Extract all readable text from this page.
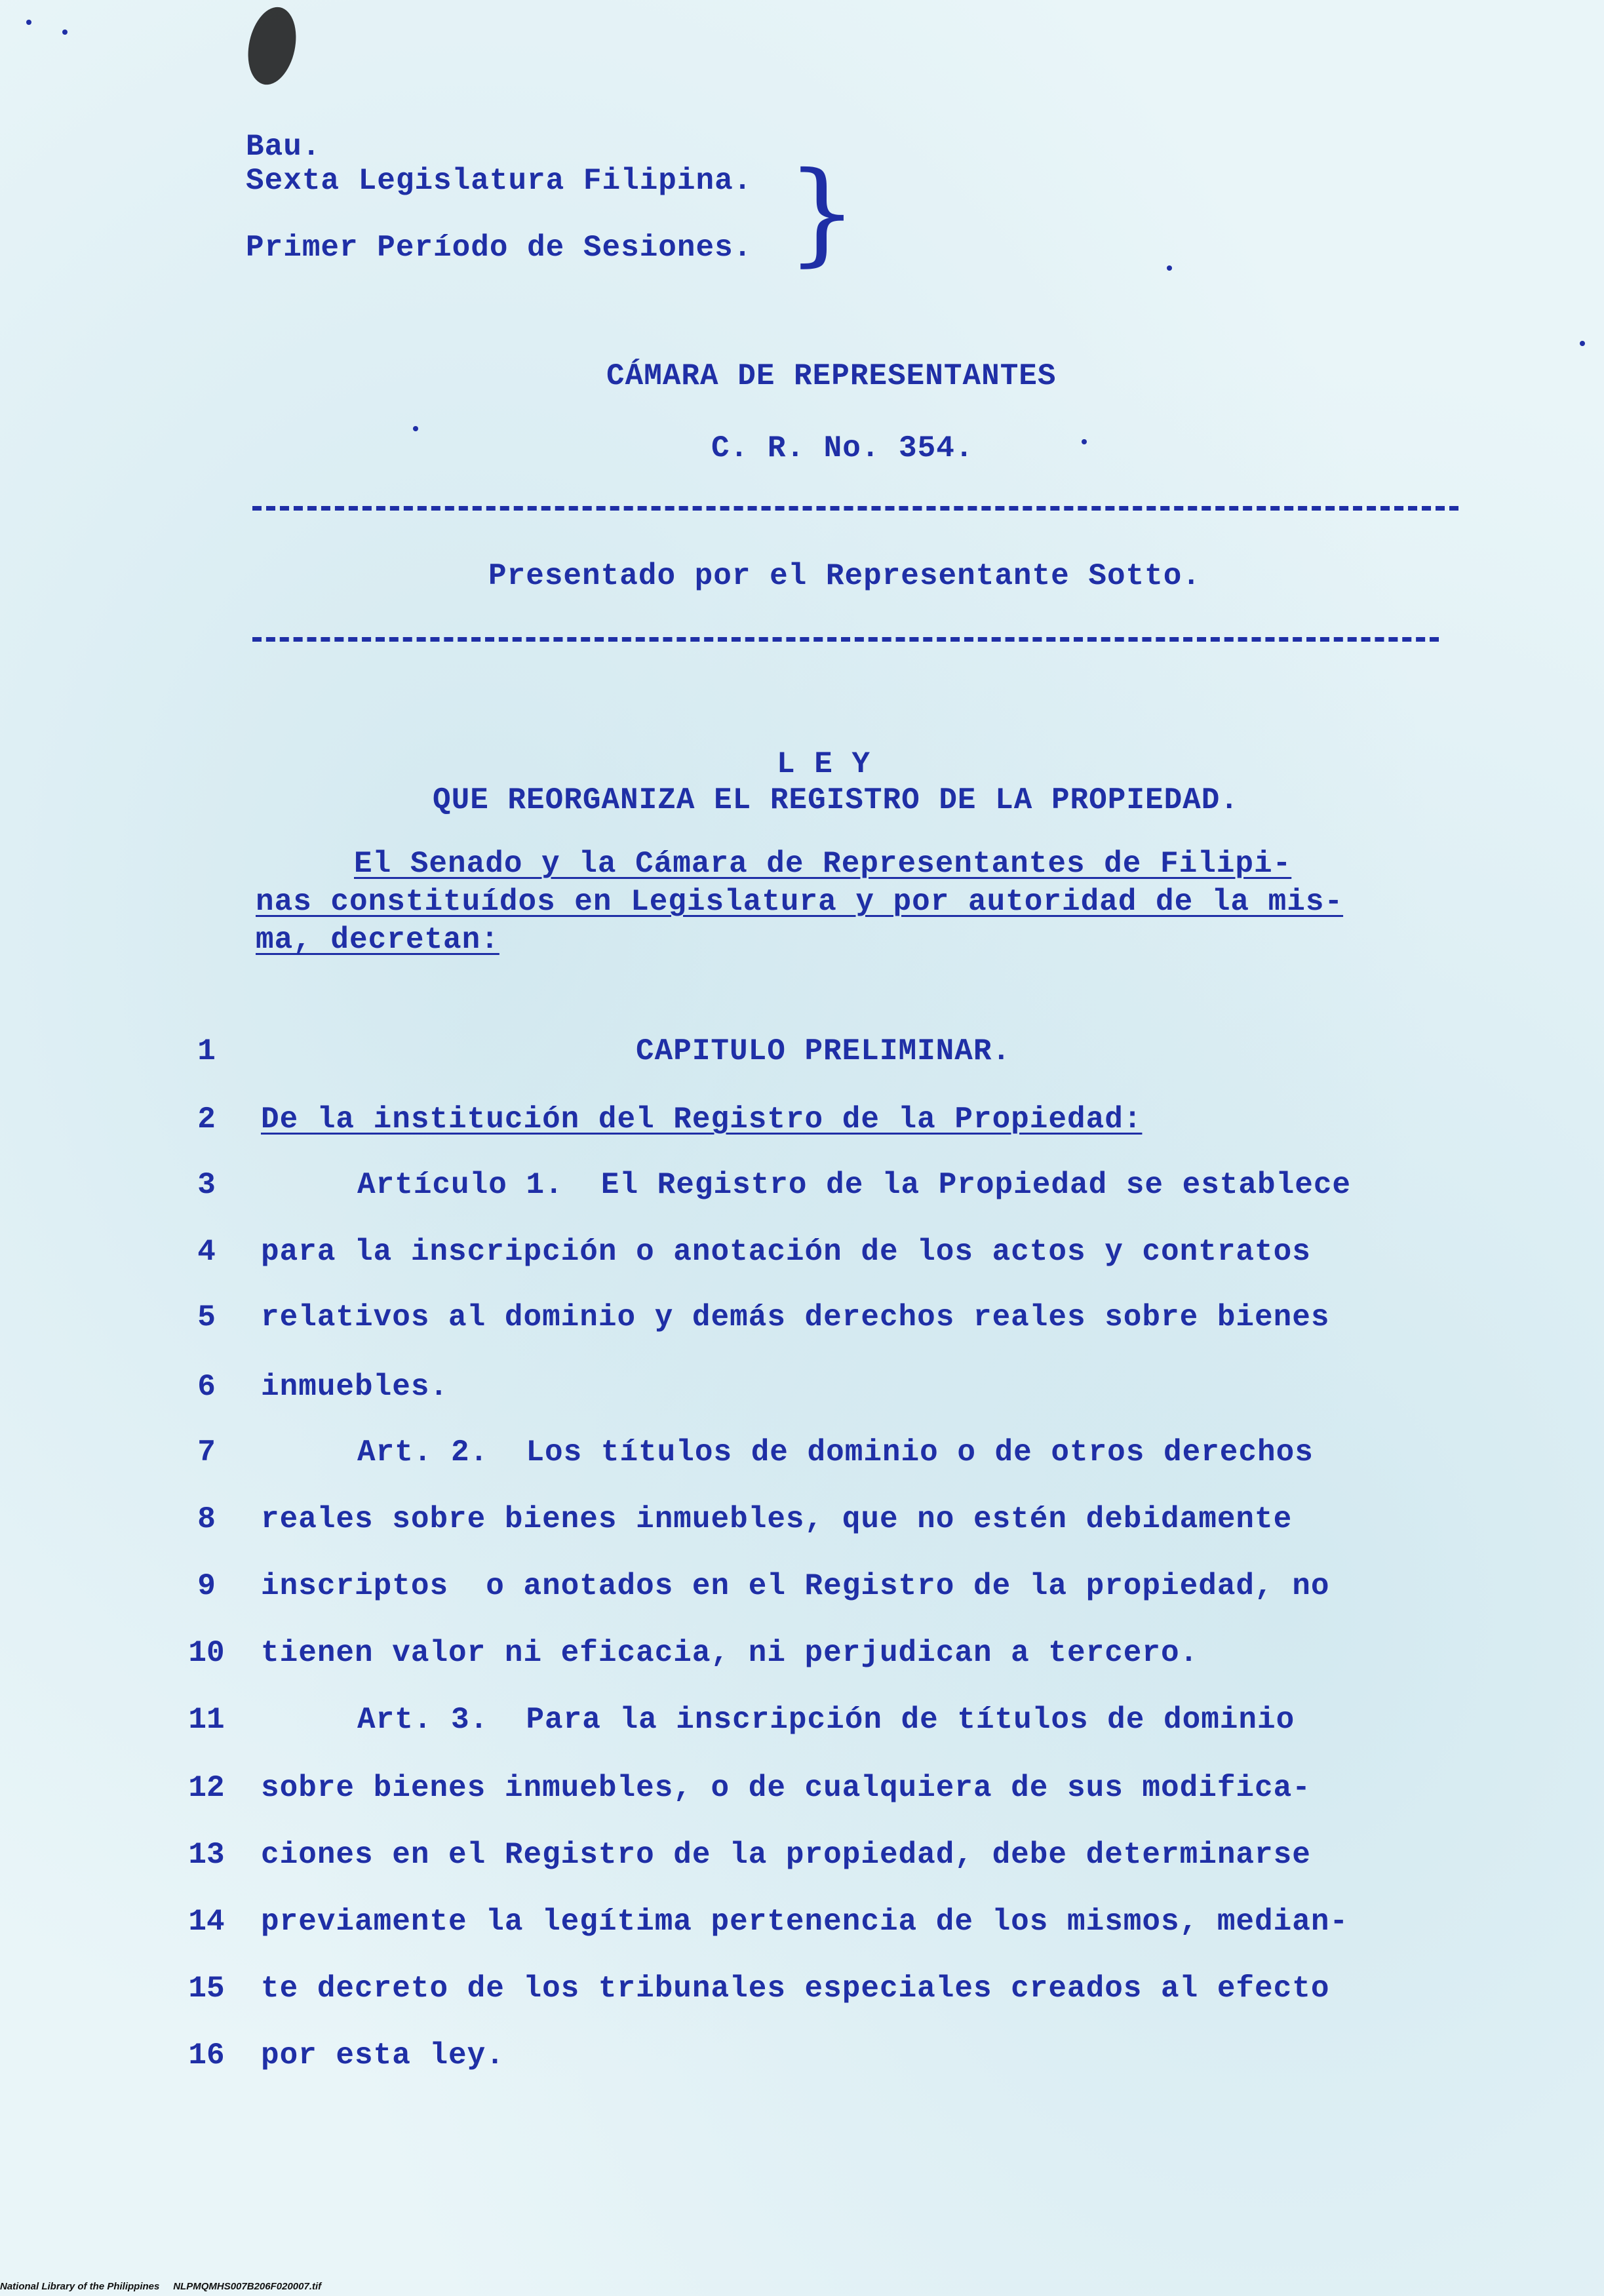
Bau.
Sexta Legislatura Filipina.
Primer Período de Sesiones. }
CÁMARA DE REPRESENTANTES
C. R. No. 354.
Presentado por el Representante Sotto.
L E Y
QUE REORGANIZA EL REGISTRO DE LA PROPIEDAD.
El Senado y la Cámara de Representantes de Filipi-
nas constituídos en Legislatura y por autoridad de la mis-
ma, decretan:
1	CAPITULO PRELIMINAR.
2	De la institución del Registro de la Propiedad:
3	Artículo 1.  El Registro de la Propiedad se establece
4	para la inscripción o anotación de los actos y contratos
5	relativos al dominio y demás derechos reales sobre bienes
6	inmuebles.
7	Art. 2.  Los títulos de dominio o de otros derechos
8	reales sobre bienes inmuebles, que no estén debidamente
9	inscriptos  o anotados en el Registro de la propiedad, no
10	tienen valor ni eficacia, ni perjudican a tercero.
11	Art. 3.  Para la inscripción de títulos de dominio
12	sobre bienes inmuebles, o de cualquiera de sus modifica-
13	ciones en el Registro de la propiedad, debe determinarse
14	previamente la legítima pertenencia de los mismos, median-
15	te decreto de los tribunales especiales creados al efecto
16	por esta ley.
National Library of the Philippines NLPMQMHS007B206F020007.tif
